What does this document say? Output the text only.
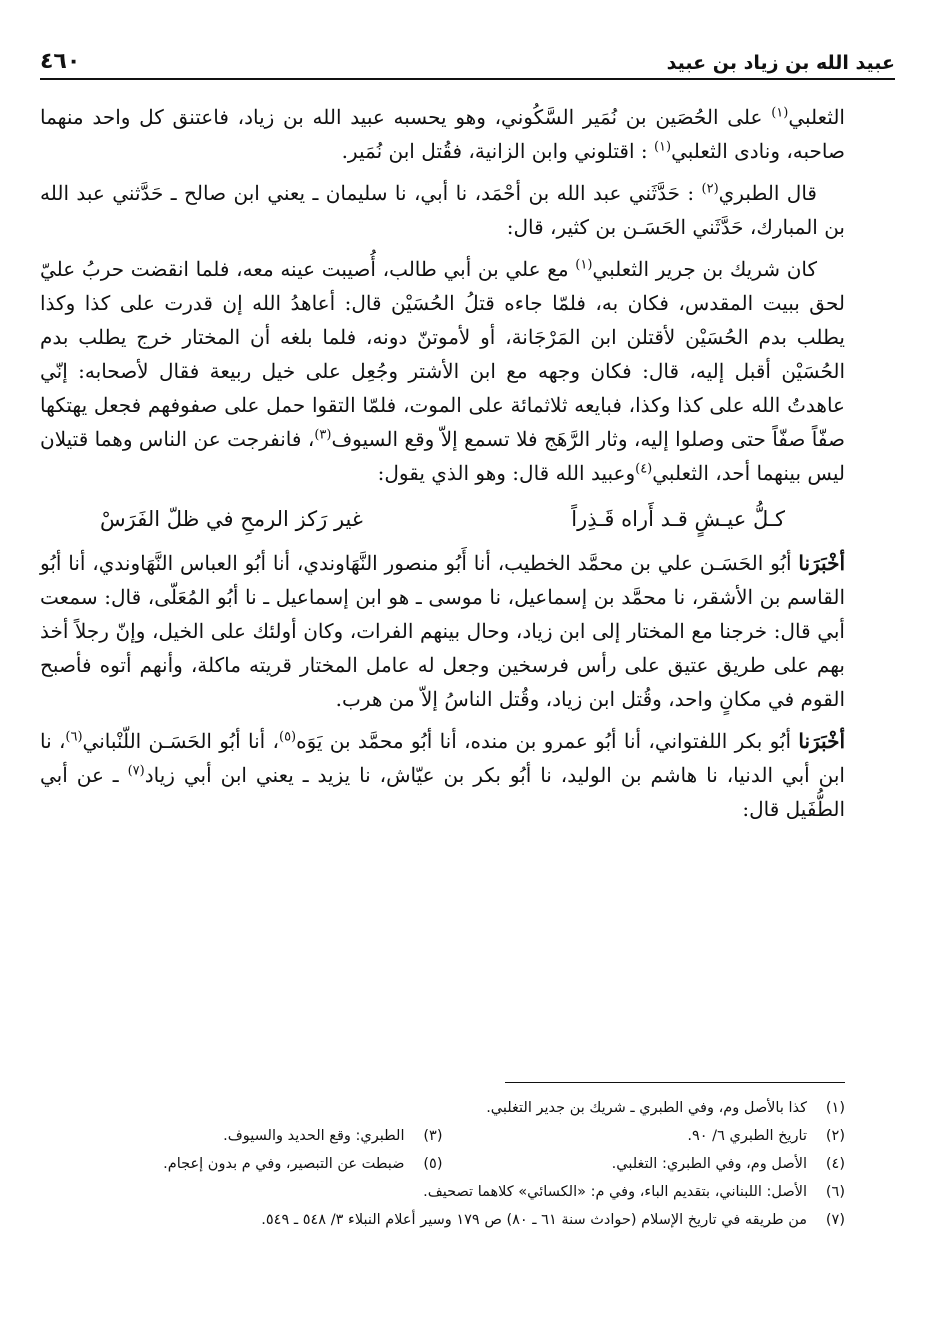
عبيد الله بن زياد بن عبيد
٤٦٠

الثعلبي$^{(١)}$ على الحُصَين بن نُمَير السَّكُوني، وهو يحسبه عبيد الله بن زياد، فاعتنق كل واحد منهما صاحبه، ونادى الثعلبي$^{(١)}$ : اقتلوني وابن الزانية، فقُتل ابن نُمَير.

قال الطبري$^{(٢)}$ : حَدَّثَني عبد الله بن أحْمَد، نا أبي، نا سليمان ـ يعني ابن صالح ـ حَدَّثني عبد الله بن المبارك، حَدَّثَني الحَسَـن بن كثير، قال:

كان شريك بن جرير الثعلبي$^{(١)}$ مع علي بن أبي طالب، أُصيبت عينه معه، فلما انقضت حربُ عليّ لحق ببيت المقدس، فكان به، فلمّا جاءه قتلُ الحُسَيْن قال: أعاهدُ الله إن قدرت على كذا وكذا يطلب بدم الحُسَيْن لأقتلن ابن المَرْجَانة، أو لأموتنّ دونه، فلما بلغه أن المختار خرج يطلب بدم الحُسَيْن أقبل إليه، قال: فكان وجهه مع ابن الأشتر وجُعِل على خيل ربيعة فقال لأصحابه: إنّي عاهدتُ الله على كذا وكذا، فبايعه ثلاثمائة على الموت، فلمّا التقوا حمل على صفوفهم فجعل يهتكها صفّاً صفّاً حتى وصلوا إليه، وثار الرَّهَج فلا تسمع إلاّ وقع السيوف$^{(٣)}$، فانفرجت عن الناس وهما قتيلان ليس بينهما أحد، الثعلبي$^{(٤)}$وعبيد الله قال: وهو الذي يقول:

كـلُّ عيـشٍ قـد أَراه قَـذِراً
غير رَكز الرمحِ في ظلّ الفَرَسْ

أخْبَرَنا أبُو الحَسَـن علي بن محمَّد الخطيب، أنا أَبُو منصور النَّهَاوندي، أنا أبُو العباس النَّهَاوندي، أنا أبُو القاسم بن الأشقر، نا محمَّد بن إسماعيل، نا موسى ـ هو ابن إسماعيل ـ نا أبُو المُعَلّى، قال: سمعت أبي قال: خرجنا مع المختار إلى ابن زياد، وحال بينهم الفرات، وكان أولئك على الخيل، وإنّ رجلاً أخذ بهم على طريق عتيق على رأس فرسخين وجعل له عامل المختار قريته ماكلة، وأنهم أتوه فأصبح القوم في مكانٍ واحد، وقُتل ابن زياد، وقُتل الناسُ إلاّ من هرب.

أخْبَرَنا أبُو بكر اللفتواني، أنا أبُو عمرو بن منده، أنا أبُو محمَّد بن يَوَه$^{(٥)}$، أنا أبُو الحَسَـن اللّنْباني$^{(٦)}$، نا ابن أبي الدنيا، نا هاشم بن الوليد، نا أبُو بكر بن عيّاش، نا يزيد ـ يعني ابن أبي زياد$^{(٧)}$ ـ عن أبي الطُّفَيل قال:

(١)
كذا بالأصل وم، وفي الطبري ـ شريك بن جدير التغلبي.
(٢)
تاريخ الطبري ٦/ ٩٠.
(٣)
الطبري: وقع الحديد والسيوف.
(٤)
الأصل وم، وفي الطبري: التغلبي.
(٥)
ضبطت عن التبصير، وفي م بدون إعجام.
(٦)
الأصل: اللبناني، بتقديم الباء، وفي م: «الكسائي» كلاهما تصحيف.
(٧)
من طريقه في تاريخ الإسلام (حوادث سنة ٦١ ـ ٨٠) ص ١٧٩ وسير أعلام النبلاء ٣/ ٥٤٨ ـ ٥٤٩.
